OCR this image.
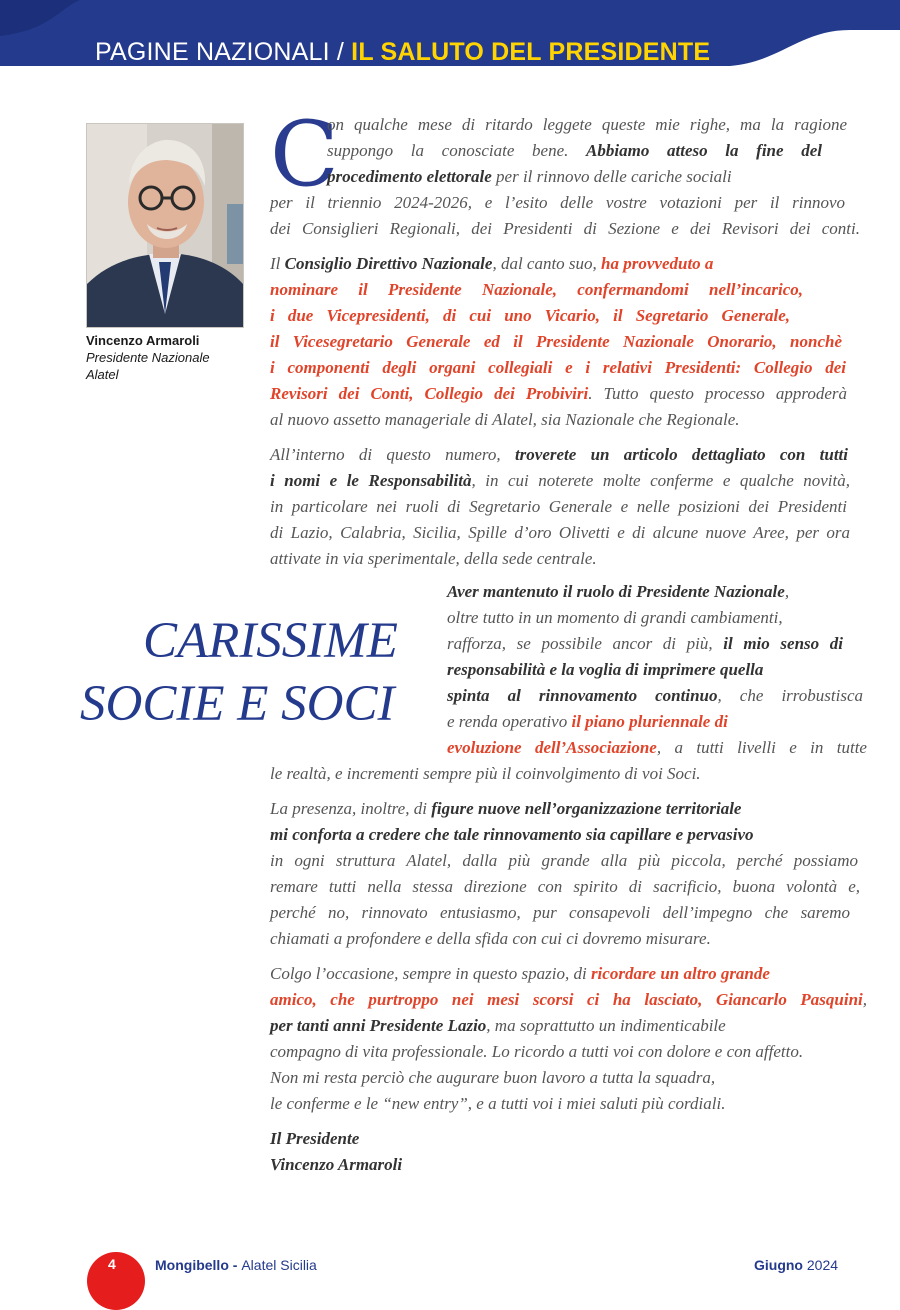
PAGINE NAZIONALI / IL SALUTO DEL PRESIDENTE
Vincenzo Armaroli
Presidente Nazionale
Alatel
C
CARISSIME
SOCIE E SOCI
on qualche mese di ritardo leggete queste mie righe, ma la ragione
suppongo la conosciate bene. Abbiamo atteso la fine del
procedimento elettorale per il rinnovo delle cariche sociali
per il triennio 2024-2026, e l’esito delle vostre votazioni per il rinnovo
dei Consiglieri Regionali, dei Presidenti di Sezione e dei Revisori dei conti.
Il Consiglio Direttivo Nazionale, dal canto suo, ha provveduto a
nominare il Presidente Nazionale, confermandomi nell’incarico,
i due Vicepresidenti, di cui uno Vicario, il Segretario Generale,
il Vicesegretario Generale ed il Presidente Nazionale Onorario, nonchè
i componenti degli organi collegiali e i relativi Presidenti: Collegio dei
Revisori dei Conti, Collegio dei Probiviri. Tutto questo processo approderà
al nuovo assetto manageriale di Alatel, sia Nazionale che Regionale.
All’interno di questo numero, troverete un articolo dettagliato con tutti
i nomi e le Responsabilità, in cui noterete molte conferme e qualche novità,
in particolare nei ruoli di Segretario Generale e nelle posizioni dei Presidenti
di Lazio, Calabria, Sicilia, Spille d’oro Olivetti e di alcune nuove Aree, per ora
attivate in via sperimentale, della sede centrale.
Aver mantenuto il ruolo di Presidente Nazionale,
oltre tutto in un momento di grandi cambiamenti,
rafforza, se possibile ancor di più, il mio senso di
responsabilità e la voglia di imprimere quella
spinta al rinnovamento continuo, che irrobustisca
e renda operativo il piano pluriennale di
evoluzione dell’Associazione, a tutti livelli e in tutte
le realtà, e incrementi sempre più il coinvolgimento di voi Soci.
La presenza, inoltre, di figure nuove nell’organizzazione territoriale
mi conforta a credere che tale rinnovamento sia capillare e pervasivo
in ogni struttura Alatel, dalla più grande alla più piccola, perché possiamo
remare tutti nella stessa direzione con spirito di sacrificio, buona volontà e,
perché no, rinnovato entusiasmo, pur consapevoli dell’impegno che saremo
chiamati a profondere e della sfida con cui ci dovremo misurare.
Colgo l’occasione, sempre in questo spazio, di ricordare un altro grande
amico, che purtroppo nei mesi scorsi ci ha lasciato, Giancarlo Pasquini,
per tanti anni Presidente Lazio, ma soprattutto un indimenticabile
compagno di vita professionale. Lo ricordo a tutti voi con dolore e con affetto.
Non mi resta perciò che augurare buon lavoro a tutta la squadra,
le conferme e le “new entry”, e a tutti voi i miei saluti più cordiali.
Il Presidente
Vincenzo Armaroli
4	Mongibello - Alatel Sicilia	Giugno 2024
